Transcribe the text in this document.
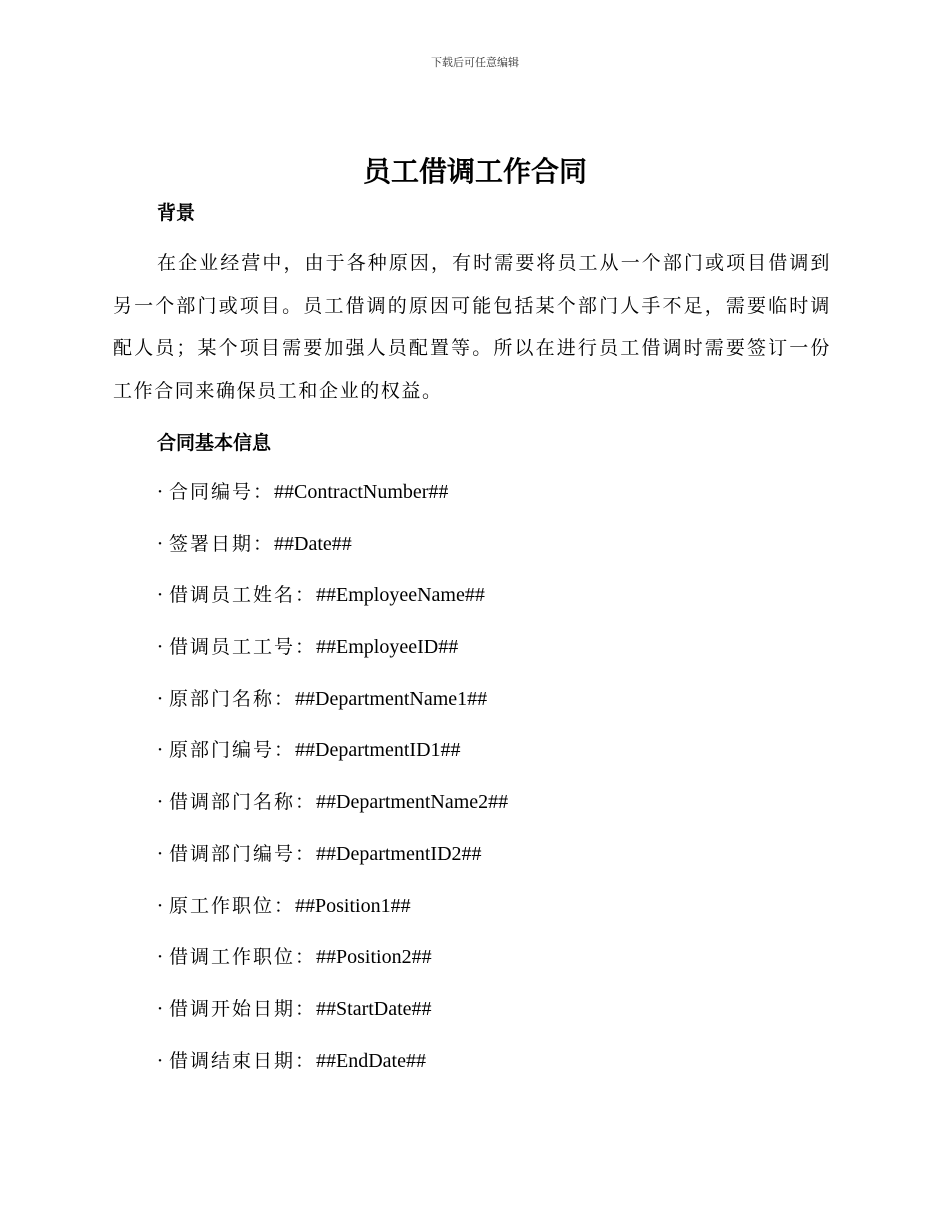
下载后可任意编辑
员工借调工作合同
背景
在企业经营中，由于各种原因，有时需要将员工从一个部门或项目借调到另一个部门或项目。员工借调的原因可能包括某个部门人手不足，需要临时调配人员；某个项目需要加强人员配置等。所以在进行员工借调时需要签订一份工作合同来确保员工和企业的权益。
合同基本信息
· 合同编号：##ContractNumber##
· 签署日期：##Date##
· 借调员工姓名：##EmployeeName##
· 借调员工工号：##EmployeeID##
· 原部门名称：##DepartmentName1##
· 原部门编号：##DepartmentID1##
· 借调部门名称：##DepartmentName2##
· 借调部门编号：##DepartmentID2##
· 原工作职位：##Position1##
· 借调工作职位：##Position2##
· 借调开始日期：##StartDate##
· 借调结束日期：##EndDate##
